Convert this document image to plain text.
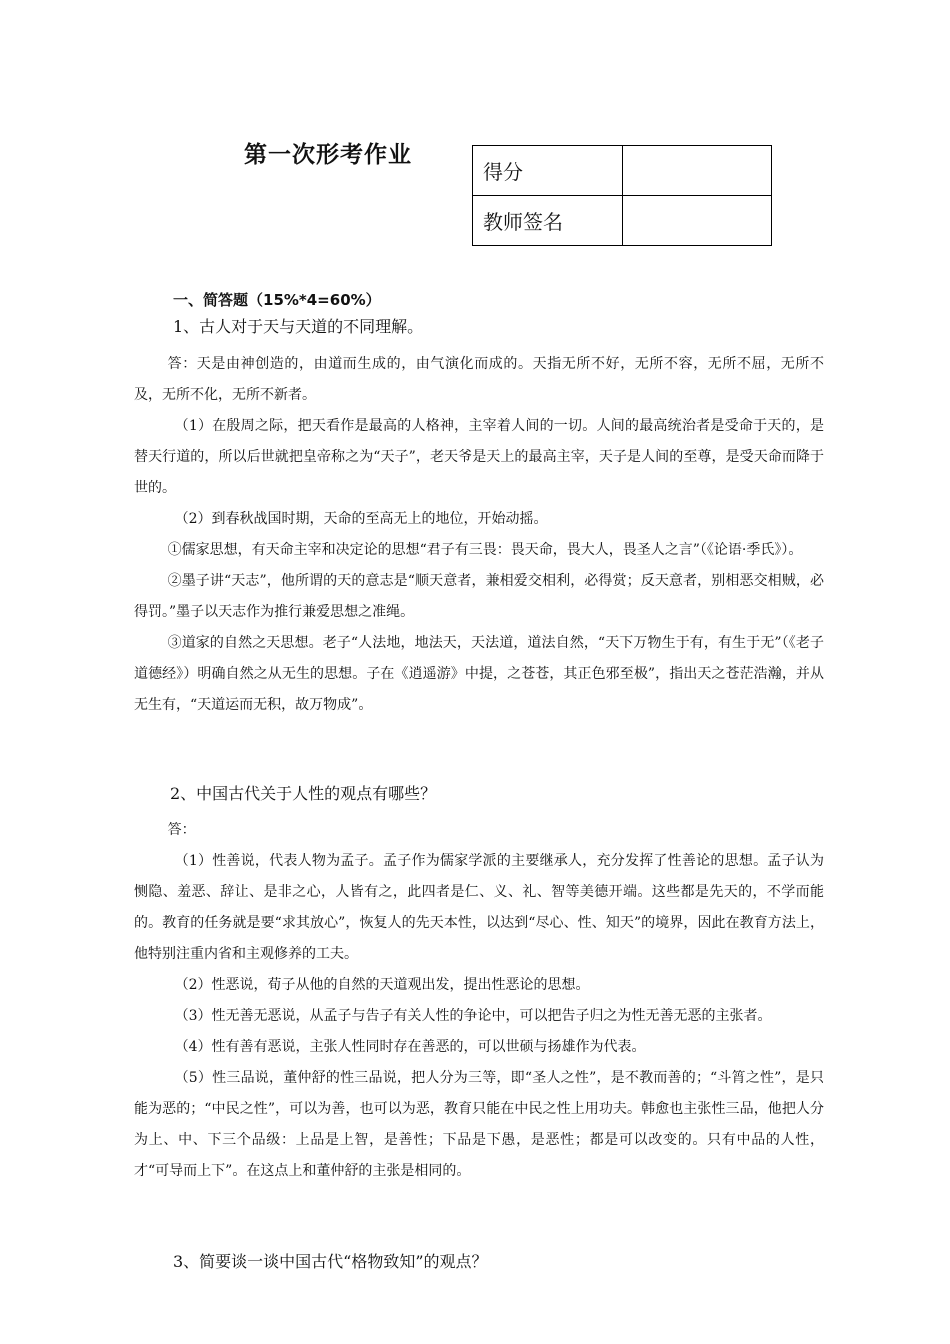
第一次形考作业
得分	
教师签名	
一、简答题（15%*4=60%）
1、古人对于天与天道的不同理解。

答：天是由神创造的，由道而生成的，由气演化而成的。天指无所不好，无所不容，无所不屈，无所不及，无所不化，无所不新者。

（1）在殷周之际，把天看作是最高的人格神，主宰着人间的一切。人间的最高统治者是受命于天的，是替天行道的，所以后世就把皇帝称之为“天子”，老天爷是天上的最高主宰，天子是人间的至尊，是受天命而降于世的。

（2）到春秋战国时期，天命的至高无上的地位，开始动摇。

①儒家思想，有天命主宰和决定论的思想“君子有三畏：畏天命，畏大人，畏圣人之言”（《论语·季氏》）。

②墨子讲“天志”，他所谓的天的意志是“顺天意者，兼相爱交相利，必得赏；反天意者，别相恶交相贼，必得罚。”墨子以天志作为推行兼爱思想之准绳。

③道家的自然之天思想。老子“人法地，地法天，天法道，道法自然，“天下万物生于有，有生于无”（《老子道德经》）明确自然之从无生的思想。子在《逍遥游》中提，之苍苍，其正色邪至极”，指出天之苍茫浩瀚，并从无生有，“天道运而无积，故万物成”。

2、中国古代关于人性的观点有哪些？

答：

（1）性善说，代表人物为孟子。孟子作为儒家学派的主要继承人，充分发挥了性善论的思想。孟子认为恻隐、羞恶、辞让、是非之心，人皆有之，此四者是仁、义、礼、智等美德开端。这些都是先天的，不学而能的。教育的任务就是要“求其放心”，恢复人的先天本性，以达到“尽心、性、知天”的境界，因此在教育方法上，他特别注重内省和主观修养的工夫。

（2）性恶说，荀子从他的自然的天道观出发，提出性恶论的思想。

（3）性无善无恶说，从孟子与告子有关人性的争论中，可以把告子归之为性无善无恶的主张者。

（4）性有善有恶说，主张人性同时存在善恶的，可以世硕与扬雄作为代表。

（5）性三品说，董仲舒的性三品说，把人分为三等，即“圣人之性”，是不教而善的；“斗筲之性”，是只能为恶的；“中民之性”，可以为善，也可以为恶，教育只能在中民之性上用功夫。韩愈也主张性三品，他把人分为上、中、下三个品级：上品是上智，是善性；下品是下愚，是恶性；都是可以改变的。只有中品的人性，才“可导而上下”。在这点上和董仲舒的主张是相同的。

3、简要谈一谈中国古代“格物致知”的观点？
